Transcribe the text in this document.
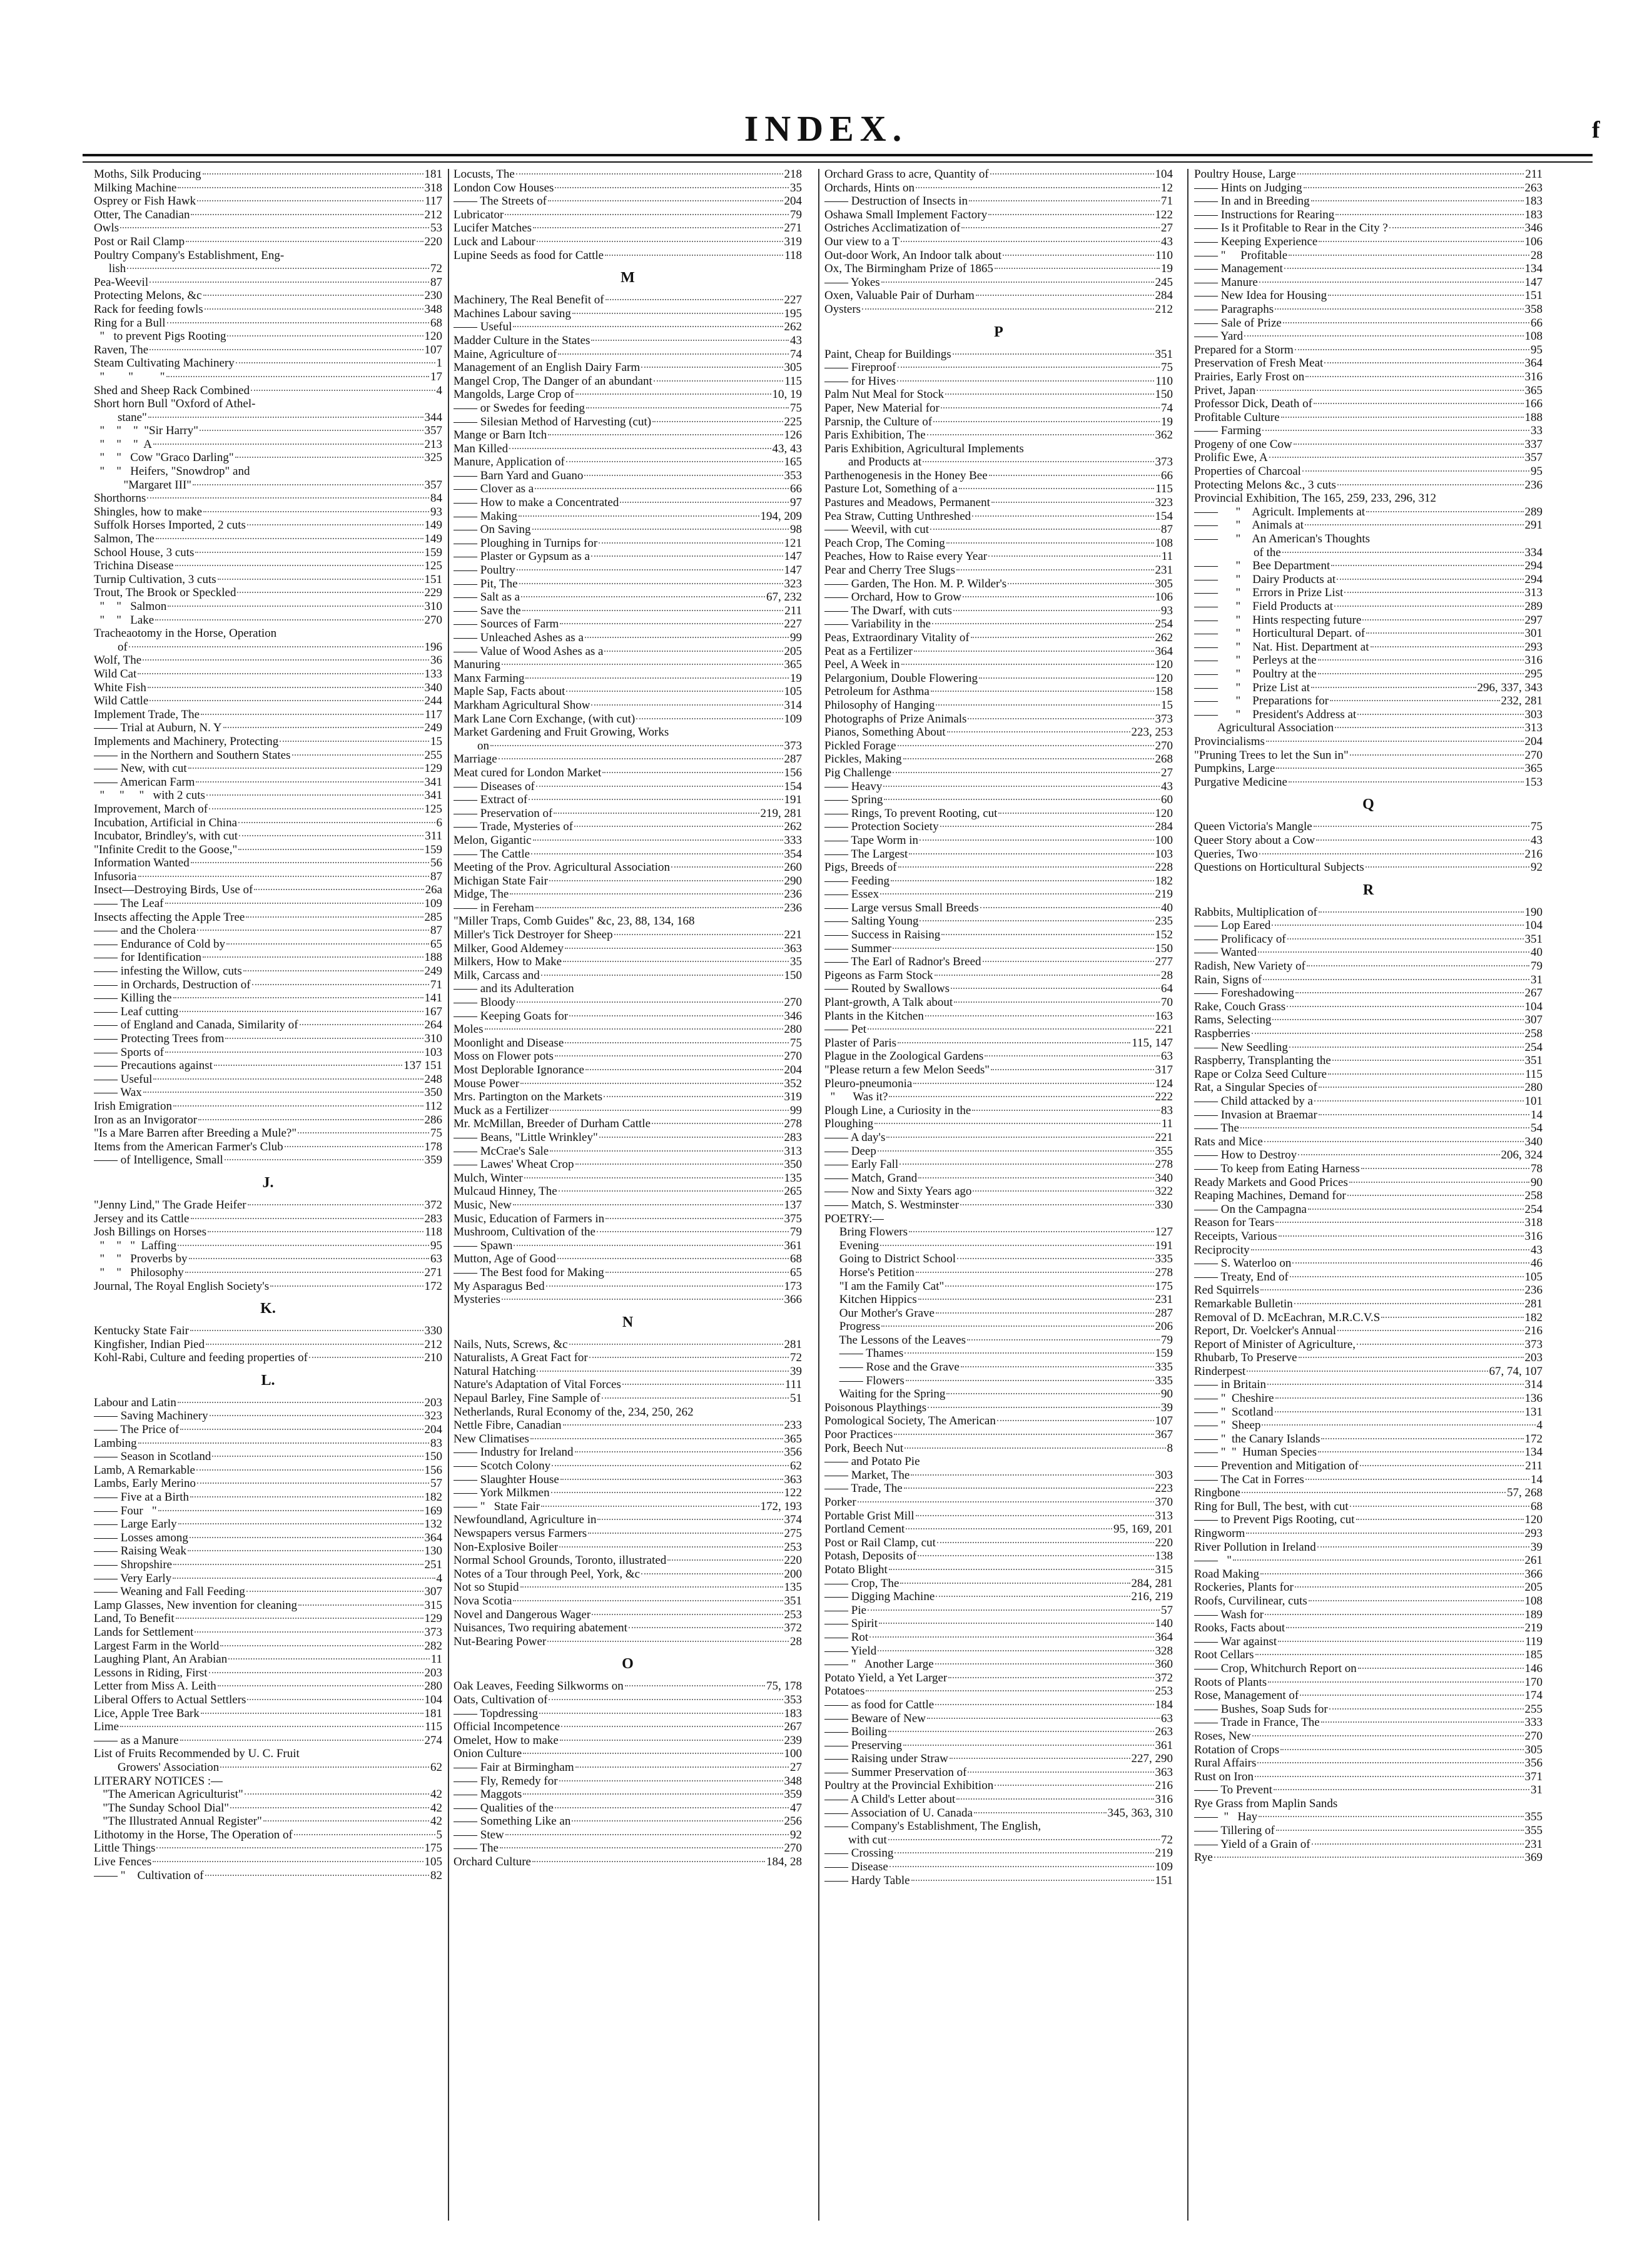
INDEX.	f
Moths, Silk Producing	181
Milking Machine	318
Osprey or Fish Hawk	117
Otter, The Canadian	212
Owls	53
Post or Rail Clamp	220
Poultry Company's Establishment, Eng-
lish	72
Pea-Weevil	87
Protecting Melons, &c	230
Rack for feeding fowls	348
Ring for a Bull	68
"   to prevent Pigs Rooting	120
Raven, The	107
Steam Cultivating Machinery	1
"        "         "	17
Shed and Sheep Rack Combined	4
Short horn Bull "Oxford of Athel-
stane"	344
"    "    "  "Sir Harry"	357
"    "    "  A	213
"    "   Cow "Graco Darling"	325
"    "   Heifers, "Snowdrop" and
"Margaret III"	357
Shorthorns	84
Shingles, how to make	93
Suffolk Horses Imported, 2 cuts	149
Salmon, The	149
School House, 3 cuts	159
Trichina Disease	125
Turnip Cultivation, 3 cuts	151
Trout, The Brook or Speckled	229
"    "   Salmon	310
"    "   Lake	270
Tracheaotomy in the Horse, Operation
of	196
Wolf, The	36
Wild Cat	133
White Fish	340
Wild Cattle	244
Implement Trade, The	117
—— Trial at Auburn, N. Y	249
Implements and Machinery, Protecting	15
—— in the Northern and Southern States	255
—— New, with cut	129
—— American Farm	341
"     "     "   with 2 cuts	341
Improvement, March of	125
Incubation, Artificial in China	6
Incubator, Brindley's, with cut	311
"Infinite Credit to the Goose,"	159
Information Wanted	56
Infusoria	87
Insect—Destroying Birds, Use of	26a
—— The Leaf	109
Insects affecting the Apple Tree	285
—— and the Cholera	87
—— Endurance of Cold by	65
—— for Identification	188
—— infesting the Willow, cuts	249
—— in Orchards, Destruction of	71
—— Killing the	141
—— Leaf cutting	167
—— of England and Canada, Similarity of	264
—— Protecting Trees from	310
—— Sports of	103
—— Precautions against	137 151
—— Useful	248
—— Wax	350
Irish Emigration	112
Iron as an Invigorator	286
"Is a Mare Barren after Breeding a Mule?"	75
Items from the American Farmer's Club	178
—— of Intelligence, Small	359
J.
"Jenny Lind," The Grade Heifer	372
Jersey and its Cattle	283
Josh Billings on Horses	118
"    "   "  Laffing	95
"    "   Proverbs by	63
"    "   Philosophy	271
Journal, The Royal English Society's	172
K.
Kentucky State Fair	330
Kingfisher, Indian Pied	212
Kohl-Rabi, Culture and feeding properties of	210
L.
Labour and Latin	203
—— Saving Machinery	323
—— The Price of	204
Lambing	83
—— Season in Scotland	150
Lamb, A Remarkable	156
Lambs, Early Merino	57
—— Five at a Birth	182
—— Four   "	169
—— Large Early	132
—— Losses among	364
—— Raising Weak	130
—— Shropshire	251
—— Very Early	4
—— Weaning and Fall Feeding	307
Lamp Glasses, New invention for cleaning	315
Land, To Benefit	129
Lands for Settlement	373
Largest Farm in the World	282
Laughing Plant, An Arabian	11
Lessons in Riding, First	203
Letter from Miss A. Leith	280
Liberal Offers to Actual Settlers	104
Lice, Apple Tree Bark	181
Lime	115
—— as a Manure	274
List of Fruits Recommended by U. C. Fruit
Growers' Association	62
LITERARY NOTICES :—
"The American Agriculturist"	42
"The Sunday School Dial"	42
"The Illustrated Annual Register"	42
Lithotomy in the Horse, The Operation of	5
Little Things	175
Live Fences	105
—— "    Cultivation of	82
Locusts, The	218
London Cow Houses	35
—— The Streets of	204
Lubricator	79
Lucifer Matches	271
Luck and Labour	319
Lupine Seeds as food for Cattle	118
M
Machinery, The Real Benefit of	227
Machines Labour saving	195
—— Useful	262
Madder Culture in the States	43
Maine, Agriculture of	74
Management of an English Dairy Farm	305
Mangel Crop, The Danger of an abundant	115
Mangolds, Large Crop of	10, 19
—— or Swedes for feeding	75
—— Silesian Method of Harvesting (cut)	225
Mange or Barn Itch	126
Man Killed	43, 43
Manure, Application of	165
—— Barn Yard and Guano	353
—— Clover as a	66
—— How to make a Concentrated	97
—— Making	194, 209
—— On Saving	98
—— Ploughing in Turnips for	121
—— Plaster or Gypsum as a	147
—— Poultry	147
—— Pit, The	323
—— Salt as a	67, 232
—— Save the	211
—— Sources of Farm	227
—— Unleached Ashes as a	99
—— Value of Wood Ashes as a	205
Manuring	365
Manx Farming	19
Maple Sap, Facts about	105
Markham Agricultural Show	314
Mark Lane Corn Exchange, (with cut)	109
Market Gardening and Fruit Growing, Works
on	373
Marriage	287
Meat cured for London Market	156
—— Diseases of	154
—— Extract of	191
—— Preservation of	219, 281
—— Trade, Mysteries of	262
Melon, Gigantic	333
—— The Cattle	354
Meeting of the Prov. Agricultural Association	260
Michigan State Fair	290
Midge, The	236
—— in Fereham	236
"Miller Traps, Comb Guides" &c, 23, 88, 134, 168
Miller's Tick Destroyer for Sheep	221
Milker, Good Aldemey	363
Milkers, How to Make	35
Milk, Carcass and	150
—— and its Adulteration
—— Bloody	270
—— Keeping Goats for	346
Moles	280
Moonlight and Disease	75
Moss on Flower pots	270
Most Deplorable Ignorance	204
Mouse Power	352
Mrs. Partington on the Markets	319
Muck as a Fertilizer	99
Mr. McMillan, Breeder of Durham Cattle	278
—— Beans, "Little Wrinkley"	283
—— McCrae's Sale	313
—— Lawes' Wheat Crop	350
Mulch, Winter	135
Mulcaud Hinney, The	265
Music, New	137
Music, Education of Farmers in	375
Mushroom, Cultivation of the	79
—— Spawn	361
Mutton, Age of Good	68
—— The Best food for Making	65
My Asparagus Bed	173
Mysteries	366
N
Nails, Nuts, Screws, &c	281
Naturalists, A Great Fact for	72
Natural Hatching	39
Nature's Adaptation of Vital Forces	111
Nepaul Barley, Fine Sample of	51
Netherlands, Rural Economy of the, 234, 250, 262
Nettle Fibre, Canadian	233
New Climatises	365
—— Industry for Ireland	356
—— Scotch Colony	62
—— Slaughter House	363
—— York Milkmen	122
—— "   State Fair	172, 193
Newfoundland, Agriculture in	374
Newspapers versus Farmers	275
Non-Explosive Boiler	253
Normal School Grounds, Toronto, illustrated	220
Notes of a Tour through Peel, York, &c	200
Not so Stupid	135
Nova Scotia	351
Novel and Dangerous Wager	253
Nuisances, Two requiring abatement	372
Nut-Bearing Power	28
O
Oak Leaves, Feeding Silkworms on	75, 178
Oats, Cultivation of	353
—— Topdressing	183
Official Incompetence	267
Omelet, How to make	239
Onion Culture	100
—— Fair at Birmingham	27
—— Fly, Remedy for	348
—— Maggots	359
—— Qualities of the	47
—— Something Like an	256
—— Stew	92
—— The	270
Orchard Culture	184, 28
Orchard Grass to acre, Quantity of	104
Orchards, Hints on	12
—— Destruction of Insects in	71
Oshawa Small Implement Factory	122
Ostriches Acclimatization of	27
Our view to a T	43
Out-door Work, An Indoor talk about	110
Ox, The Birmingham Prize of 1865	19
—— Yokes	245
Oxen, Valuable Pair of Durham	284
Oysters	212
P
Paint, Cheap for Buildings	351
—— Fireproof	75
—— for Hives	110
Palm Nut Meal for Stock	150
Paper, New Material for	74
Parsnip, the Culture of	19
Paris Exhibition, The	362
Paris Exhibition, Agricultural Implements
and Products at	373
Parthenogenesis in the Honey Bee	66
Pasture Lot, Something of a	115
Pastures and Meadows, Permanent	323
Pea Straw, Cutting Unthreshed	154
—— Weevil, with cut	87
Peach Crop, The Coming	108
Peaches, How to Raise every Year	11
Pear and Cherry Tree Slugs	231
—— Garden, The Hon. M. P. Wilder's	305
—— Orchard, How to Grow	106
—— The Dwarf, with cuts	93
—— Variability in the	254
Peas, Extraordinary Vitality of	262
Peat as a Fertilizer	364
Peel, A Week in	120
Pelargonium, Double Flowering	120
Petroleum for Asthma	158
Philosophy of Hanging	15
Photographs of Prize Animals	373
Pianos, Something About	223, 253
Pickled Forage	270
Pickles, Making	268
Pig Challenge	27
—— Heavy	43
—— Spring	60
—— Rings, To prevent Rooting, cut	120
—— Protection Society	284
—— Tape Worm in	100
—— The Largest	103
Pigs, Breeds of	228
—— Feeding	182
—— Essex	219
—— Large versus Small Breeds	40
—— Salting Young	235
—— Success in Raising	152
—— Summer	150
—— The Earl of Radnor's Breed	277
Pigeons as Farm Stock	28
—— Routed by Swallows	64
Plant-growth, A Talk about	70
Plants in the Kitchen	163
—— Pet	221
Plaster of Paris	115, 147
Plague in the Zoological Gardens	63
"Please return a few Melon Seeds"	317
Pleuro-pneumonia	124
"      Was it?	222
Plough Line, a Curiosity in the	83
Ploughing	11
—— A day's	221
—— Deep	355
—— Early Fall	278
—— Match, Grand	340
—— Now and Sixty Years ago	322
—— Match, S. Westminster	330
POETRY:—
Bring Flowers	127
Evening	191
Going to District School	335
Horse's Petition	278
"I am the Family Cat"	175
Kitchen Hippics	231
Our Mother's Grave	287
Progress	206
The Lessons of the Leaves	79
—— Thames	159
—— Rose and the Grave	335
—— Flowers	335
Waiting for the Spring	90
Poisonous Playthings	39
Pomological Society, The American	107
Poor Practices	367
Pork, Beech Nut	8
—— and Potato Pie
—— Market, The	303
—— Trade, The	223
Porker	370
Portable Grist Mill	313
Portland Cement	95, 169, 201
Post or Rail Clamp, cut	220
Potash, Deposits of	138
Potato Blight	315
—— Crop, The	284, 281
—— Digging Machine	216, 219
—— Pie	57
—— Spirit	140
—— Rot	364
—— Yield	328
—— "   Another Large	360
Potato Yield, a Yet Larger	372
Potatoes	253
—— as food for Cattle	184
—— Beware of New	63
—— Boiling	263
—— Preserving	361
—— Raising under Straw	227, 290
—— Summer Preservation of	363
Poultry at the Provincial Exhibition	216
—— A Child's Letter about	316
—— Association of U. Canada	345, 363, 310
—— Company's Establishment, The English,
with cut	72
—— Crossing	219
—— Disease	109
—— Hardy Table	151
Poultry House, Large	211
—— Hints on Judging	263
—— In and in Breeding	183
—— Instructions for Rearing	183
—— Is it Profitable to Rear in the City ?	346
—— Keeping Experience	106
—— "     Profitable	28
—— Management	134
—— Manure	147
—— New Idea for Housing	151
—— Paragraphs	358
—— Sale of Prize	66
—— Yard	108
Prepared for a Storm	95
Preservation of Fresh Meat	364
Prairies, Early Frost on	316
Privet, Japan	365
Professor Dick, Death of	166
Profitable Culture	188
—— Farming	33
Progeny of one Cow	337
Prolific Ewe, A	357
Properties of Charcoal	95
Protecting Melons &c., 3 cuts	236
Provincial Exhibition, The 165, 259, 233, 296, 312
——      "    Agricult. Implements at	289
——      "    Animals at	291
——      "    An American's Thoughts
of the	334
——      "    Bee Department	294
——      "    Dairy Products at	294
——      "    Errors in Prize List	313
——      "    Field Products at	289
——      "    Hints respecting future	297
——      "    Horticultural Depart. of	301
——      "    Nat. Hist. Department at	293
——      "    Perleys at the	316
——      "    Poultry at the	295
——      "    Prize List at	296, 337, 343
——      "    Preparations for	232, 281
——      "    President's Address at	303
Agricultural Association	313
Provincialisms	204
"Pruning Trees to let the Sun in"	270
Pumpkins, Large	365
Purgative Medicine	153
Q
Queen Victoria's Mangle	75
Queer Story about a Cow	43
Queries, Two	216
Questions on Horticultural Subjects	92
R
Rabbits, Multiplication of	190
—— Lop Eared	104
—— Prolificacy of	351
—— Wanted	40
Radish, New Variety of	79
Rain, Signs of	31
—— Foreshadowing	267
Rake, Couch Grass	104
Rams, Selecting	307
Raspberries	258
—— New Seedling	254
Raspberry, Transplanting the	351
Rape or Colza Seed Culture	115
Rat, a Singular Species of	280
—— Child attacked by a	101
—— Invasion at Braemar	14
—— The	54
Rats and Mice	340
—— How to Destroy	206, 324
—— To keep from Eating Harness	78
Ready Markets and Good Prices	90
Reaping Machines, Demand for	258
—— On the Campagna	254
Reason for Tears	318
Receipts, Various	316
Reciprocity	43
—— S. Waterloo on	46
—— Treaty, End of	105
Red Squirrels	236
Remarkable Bulletin	281
Removal of D. McEachran, M.R.C.V.S	182
Report, Dr. Voelcker's Annual	216
Report of Minister of Agriculture,	373
Rhubarb, To Preserve	203
Rinderpest	67, 74, 107
—— in Britain	314
—— "  Cheshire	136
—— "  Scotland	131
—— "  Sheep	4
—— "  the Canary Islands	172
—— "  "  Human Species	134
—— Prevention and Mitigation of	211
—— The Cat in Forres	14
Ringbone	57, 268
Ring for Bull, The best, with cut	68
—— to Prevent Pigs Rooting, cut	120
Ringworm	293
River Pollution in Ireland	39
——   "	261
Road Making	366
Rockeries, Plants for	205
Roofs, Curvilinear, cuts	108
—— Wash for	189
Rooks, Facts about	219
—— War against	119
Root Cellars	185
—— Crop, Whitchurch Report on	146
Roots of Plants	170
Rose, Management of	174
—— Bushes, Soap Suds for	255
—— Trade in France, The	333
Roses, New	270
Rotation of Crops	305
Rural Affairs	356
Rust on Iron	371
—— To Prevent	31
Rye Grass from Maplin Sands
——  "   Hay	355
—— Tillering of	355
—— Yield of a Grain of	231
Rye	369
